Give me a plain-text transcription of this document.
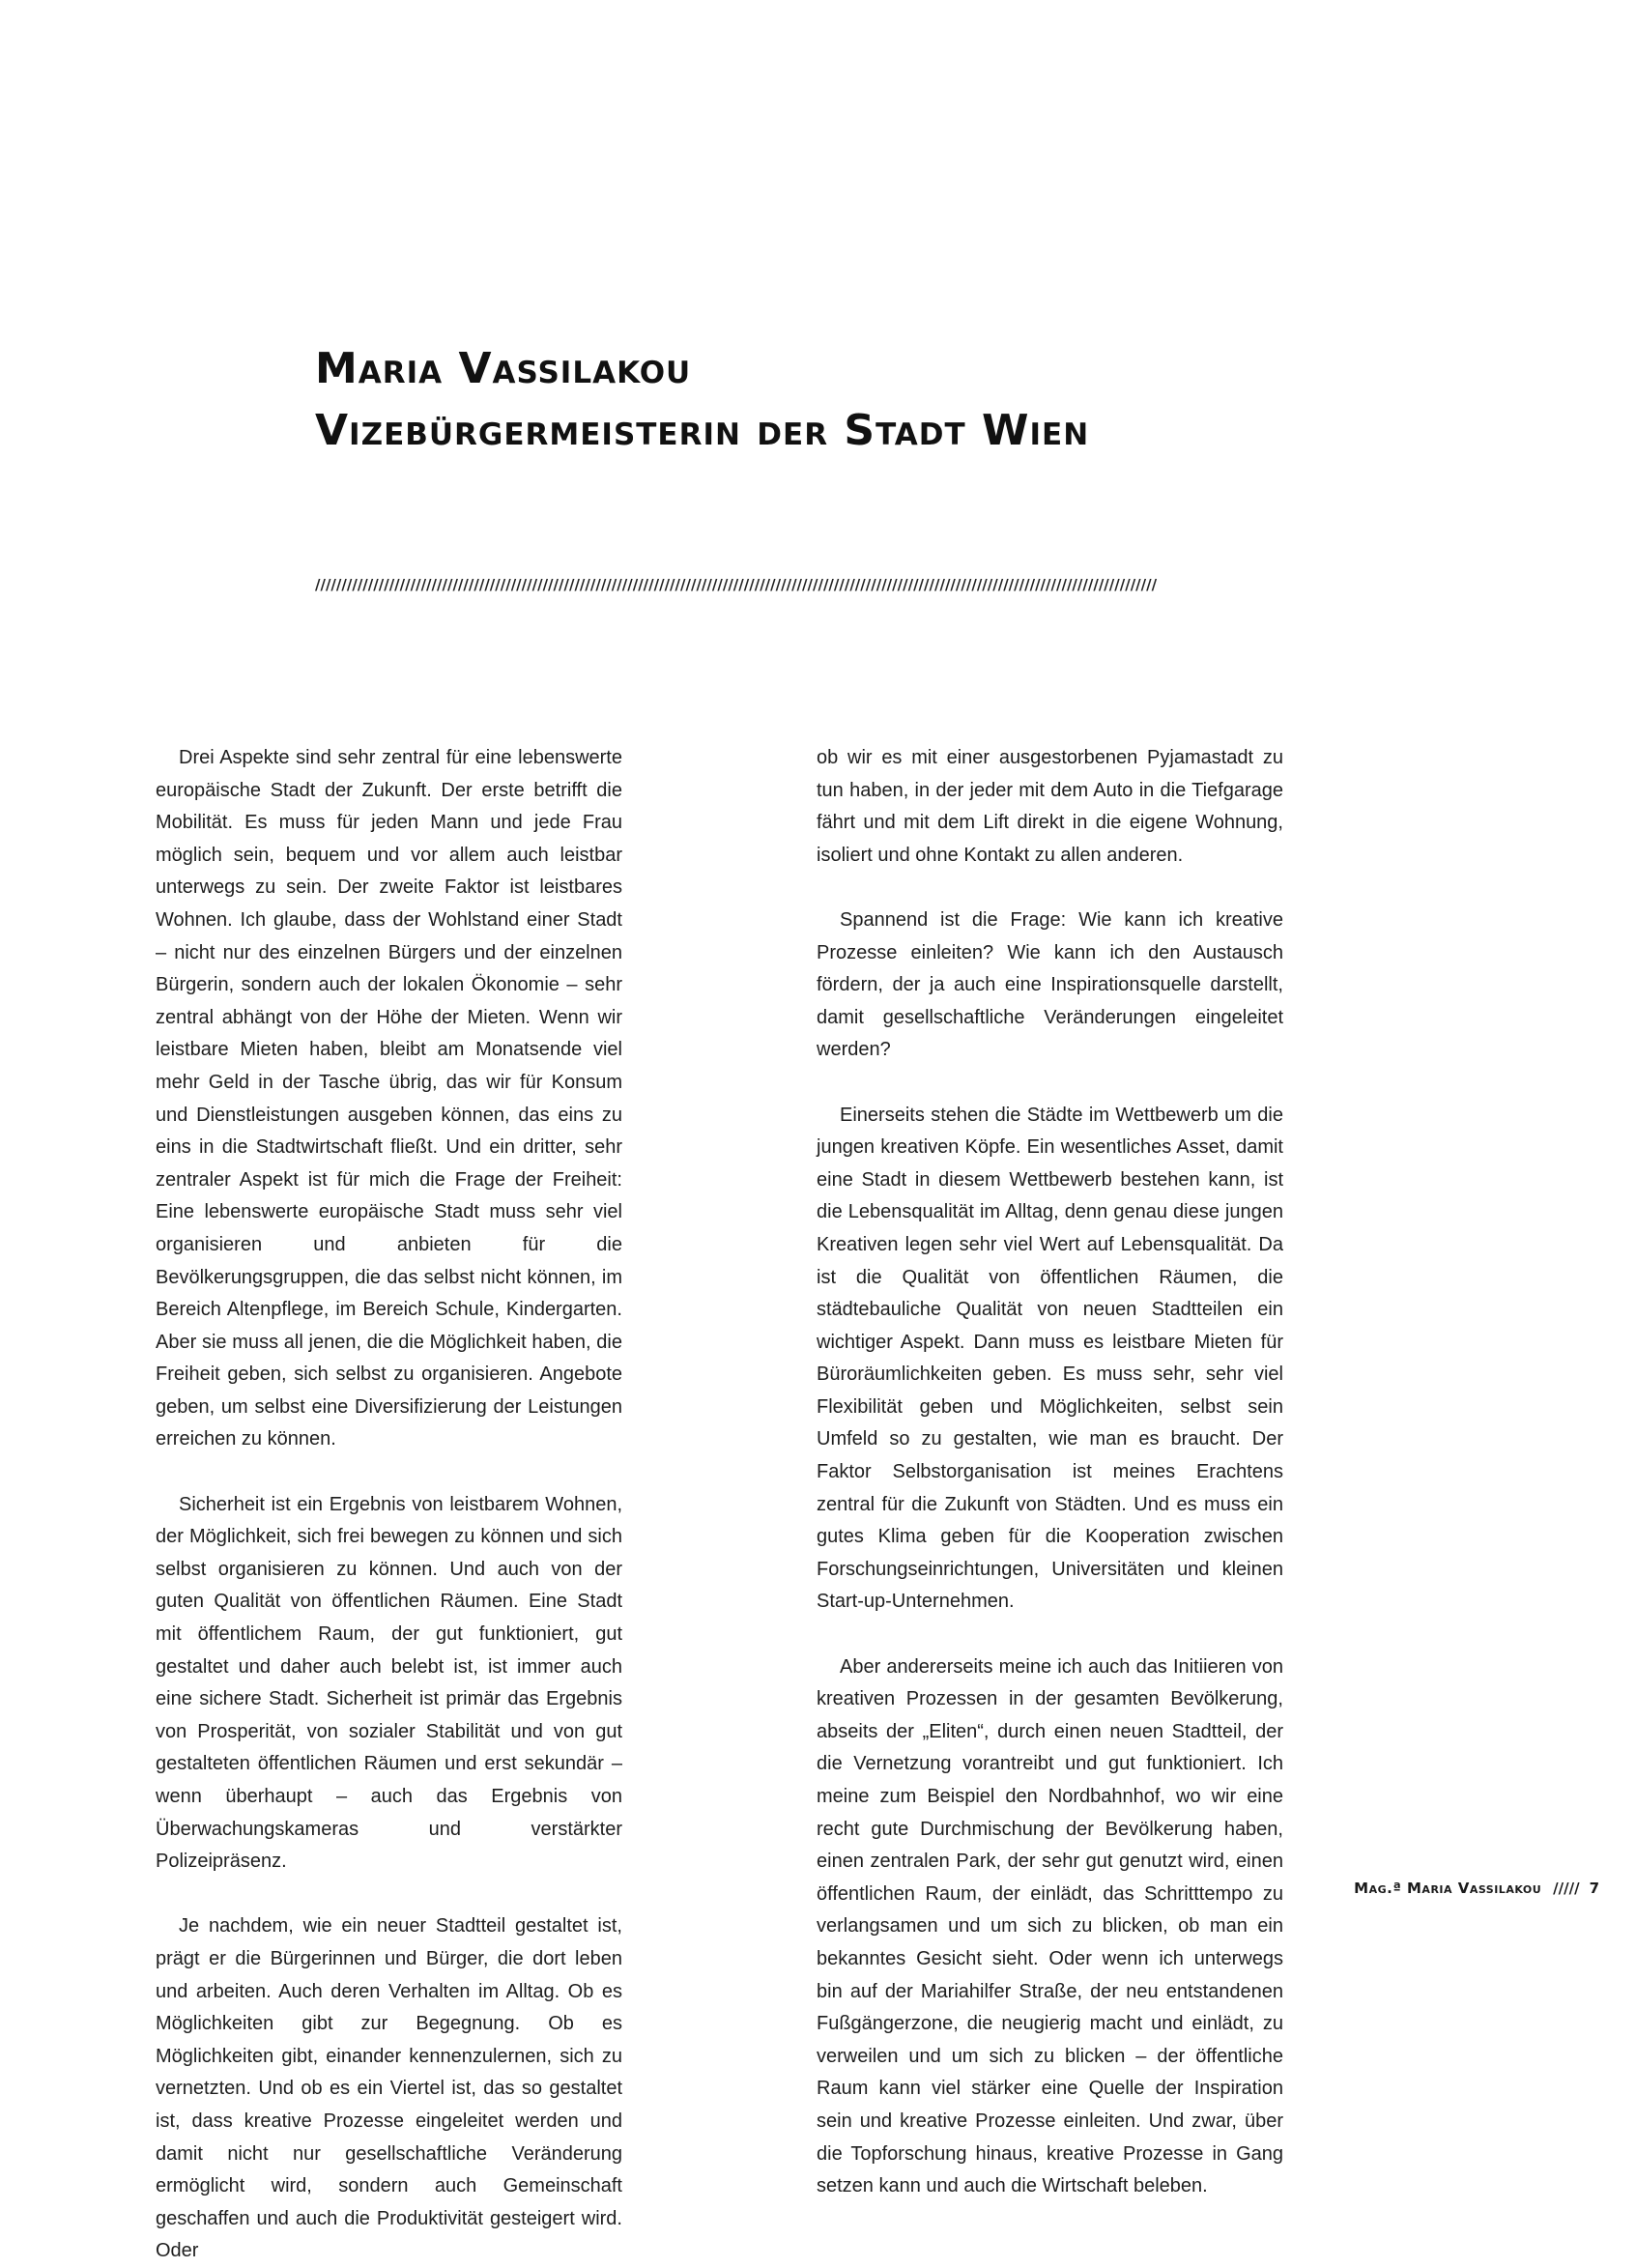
Maria Vassilakou
Vizebürgermeisterin der Stadt Wien
///////////////////////////////////////////////////////////////////////////////////////////////////////////////////////////////////////////////////////////////

Drei Aspekte sind sehr zentral für eine lebenswerte europäische Stadt der Zukunft. Der erste betrifft die Mobilität. Es muss für jeden Mann und jede Frau möglich sein, bequem und vor allem auch leistbar unterwegs zu sein. Der zweite Faktor ist leistbares Wohnen. Ich glaube, dass der Wohlstand einer Stadt – nicht nur des einzelnen Bürgers und der einzelnen Bürgerin, sondern auch der lokalen Ökonomie – sehr zentral abhängt von der Höhe der Mieten. Wenn wir leistbare Mieten haben, bleibt am Monatsende viel mehr Geld in der Tasche übrig, das wir für Konsum und Dienstleistungen ausgeben können, das eins zu eins in die Stadtwirtschaft fließt. Und ein dritter, sehr zentraler Aspekt ist für mich die Frage der Freiheit: Eine lebenswerte europäische Stadt muss sehr viel organisieren und anbieten für die Bevölkerungsgruppen, die das selbst nicht können, im Bereich Altenpflege, im Bereich Schule, Kindergarten. Aber sie muss all jenen, die die Möglichkeit haben, die Freiheit geben, sich selbst zu organisieren. Angebote geben, um selbst eine Diversifizierung der Leistungen erreichen zu können.

Sicherheit ist ein Ergebnis von leistbarem Wohnen, der Möglichkeit, sich frei bewegen zu können und sich selbst organisieren zu können. Und auch von der guten Qualität von öffentlichen Räumen. Eine Stadt mit öffentlichem Raum, der gut funktioniert, gut gestaltet und daher auch belebt ist, ist immer auch eine sichere Stadt. Sicherheit ist primär das Ergebnis von Prosperität, von sozialer Stabilität und von gut gestalteten öffentlichen Räumen und erst sekundär – wenn überhaupt – auch das Ergebnis von Überwachungskameras und verstärkter Polizeipräsenz.

Je nachdem, wie ein neuer Stadtteil gestaltet ist, prägt er die Bürgerinnen und Bürger, die dort leben und arbeiten. Auch deren Verhalten im Alltag. Ob es Möglichkeiten gibt zur Begegnung. Ob es Möglichkeiten gibt, einander kennenzulernen, sich zu vernetzten. Und ob es ein Viertel ist, das so gestaltet ist, dass kreative Prozesse eingeleitet werden und damit nicht nur gesellschaftliche Veränderung ermöglicht wird, sondern auch Gemeinschaft geschaffen und auch die Produktivität gesteigert wird. Oder

ob wir es mit einer ausgestorbenen Pyjamastadt zu tun haben, in der jeder mit dem Auto in die Tiefgarage fährt und mit dem Lift direkt in die eigene Wohnung, isoliert und ohne Kontakt zu allen anderen.

Spannend ist die Frage: Wie kann ich kreative Prozesse einleiten? Wie kann ich den Austausch fördern, der ja auch eine Inspirationsquelle darstellt, damit gesellschaftliche Veränderungen eingeleitet werden?

Einerseits stehen die Städte im Wettbewerb um die jungen kreativen Köpfe. Ein wesentliches Asset, damit eine Stadt in diesem Wettbewerb bestehen kann, ist die Lebensqualität im Alltag, denn genau diese jungen Kreativen legen sehr viel Wert auf Lebensqualität. Da ist die Qualität von öffentlichen Räumen, die städtebauliche Qualität von neuen Stadtteilen ein wichtiger Aspekt. Dann muss es leistbare Mieten für Büroräumlichkeiten geben. Es muss sehr, sehr viel Flexibilität geben und Möglichkeiten, selbst sein Umfeld so zu gestalten, wie man es braucht. Der Faktor Selbstorganisation ist meines Erachtens zentral für die Zukunft von Städten. Und es muss ein gutes Klima geben für die Kooperation zwischen Forschungseinrichtungen, Universitäten und kleinen Start-up-Unternehmen.

Aber andererseits meine ich auch das Initiieren von kreativen Prozessen in der gesamten Bevölkerung, abseits der „Eliten“, durch einen neuen Stadtteil, der die Vernetzung vorantreibt und gut funktioniert. Ich meine zum Beispiel den Nordbahnhof, wo wir eine recht gute Durchmischung der Bevölkerung haben, einen zentralen Park, der sehr gut genutzt wird, einen öffentlichen Raum, der einlädt, das Schritttempo zu verlangsamen und um sich zu blicken, ob man ein bekanntes Gesicht sieht. Oder wenn ich unterwegs bin auf der Mariahilfer Straße, der neu entstandenen Fußgängerzone, die neugierig macht und einlädt, zu verweilen und um sich zu blicken – der öffentliche Raum kann viel stärker eine Quelle der Inspiration sein und kreative Prozesse einleiten. Und zwar, über die Topforschung hinaus, kreative Prozesse in Gang setzen kann und auch die Wirtschaft beleben.

Mag.ª Maria Vassilakou ///// 7
